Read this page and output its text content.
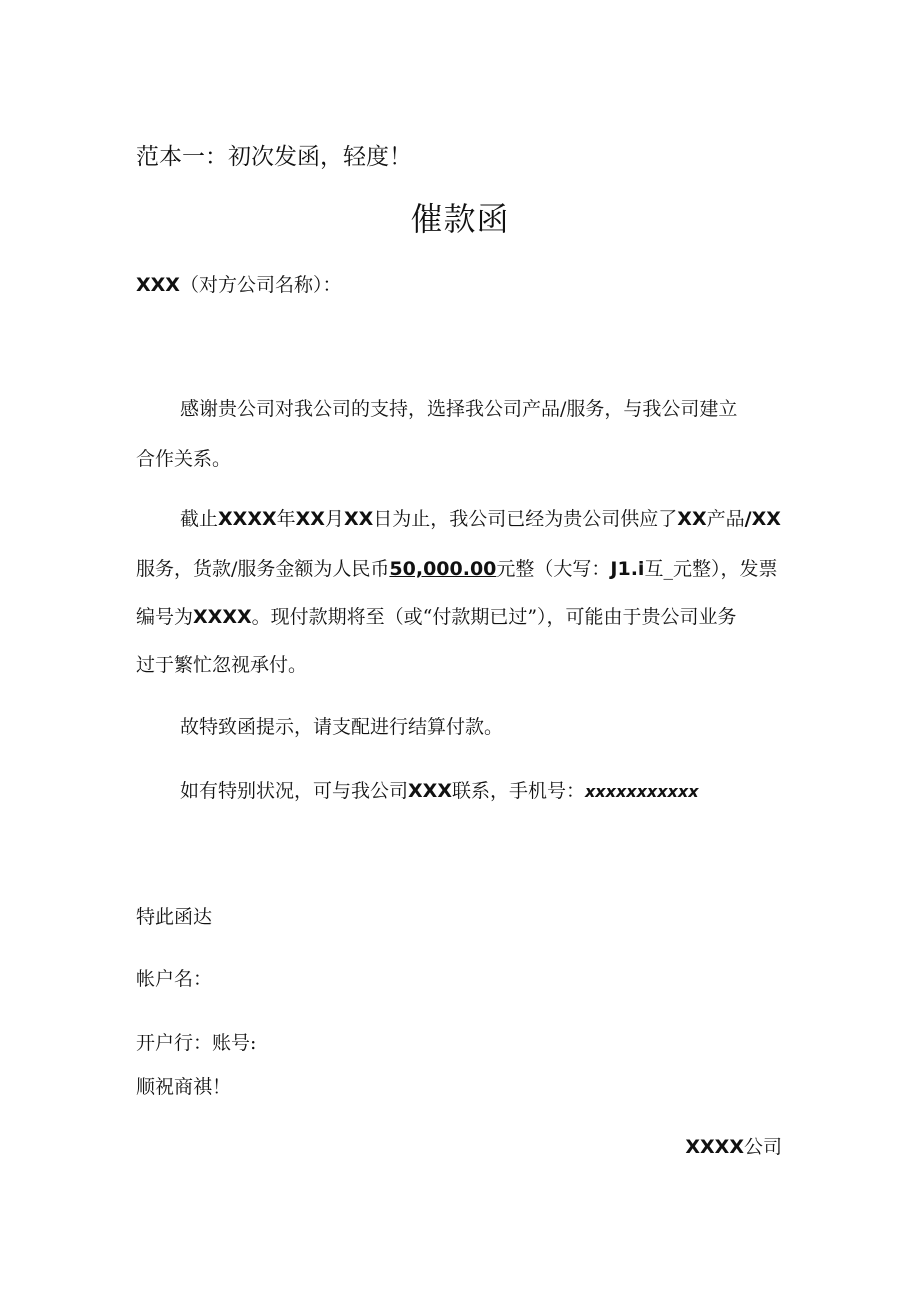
范本一：初次发函，轻度！
催款函
XXX（对方公司名称）：
感谢贵公司对我公司的支持，选择我公司产品/服务，与我公司建立
合作关系。
截止XXXX年XX月XX日为止，我公司已经为贵公司供应了XX产品/XX
服务，货款/服务金额为人民币50,000.00元整（大写：J1.i互_元整），发票
编号为XXXX。现付款期将至（或“付款期已过”），可能由于贵公司业务
过于繁忙忽视承付。
故特致函提示，请支配进行结算付款。
如有特别状况，可与我公司XXX联系，手机号：xxxxxxxxxxx
特此函达
帐户名：
开户行：账号:
顺祝商祺！
XXXX公司
